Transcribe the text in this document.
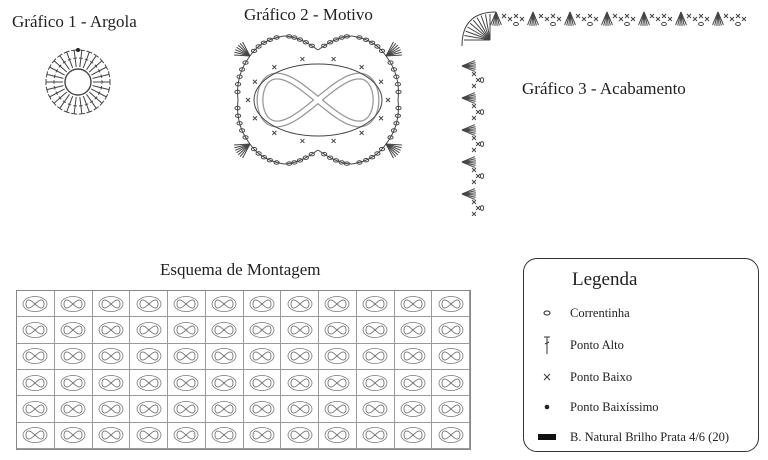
Gráfico 1 - Argola	Gráfico 2 - Motivo
Gráfico 3 - Acabamento
Esquema de Montagem	Legenda
Correntinha
Ponto Alto
Ponto Baixo
Ponto Baixíssimo
B. Natural Brilho Prata 4/6 (20)
